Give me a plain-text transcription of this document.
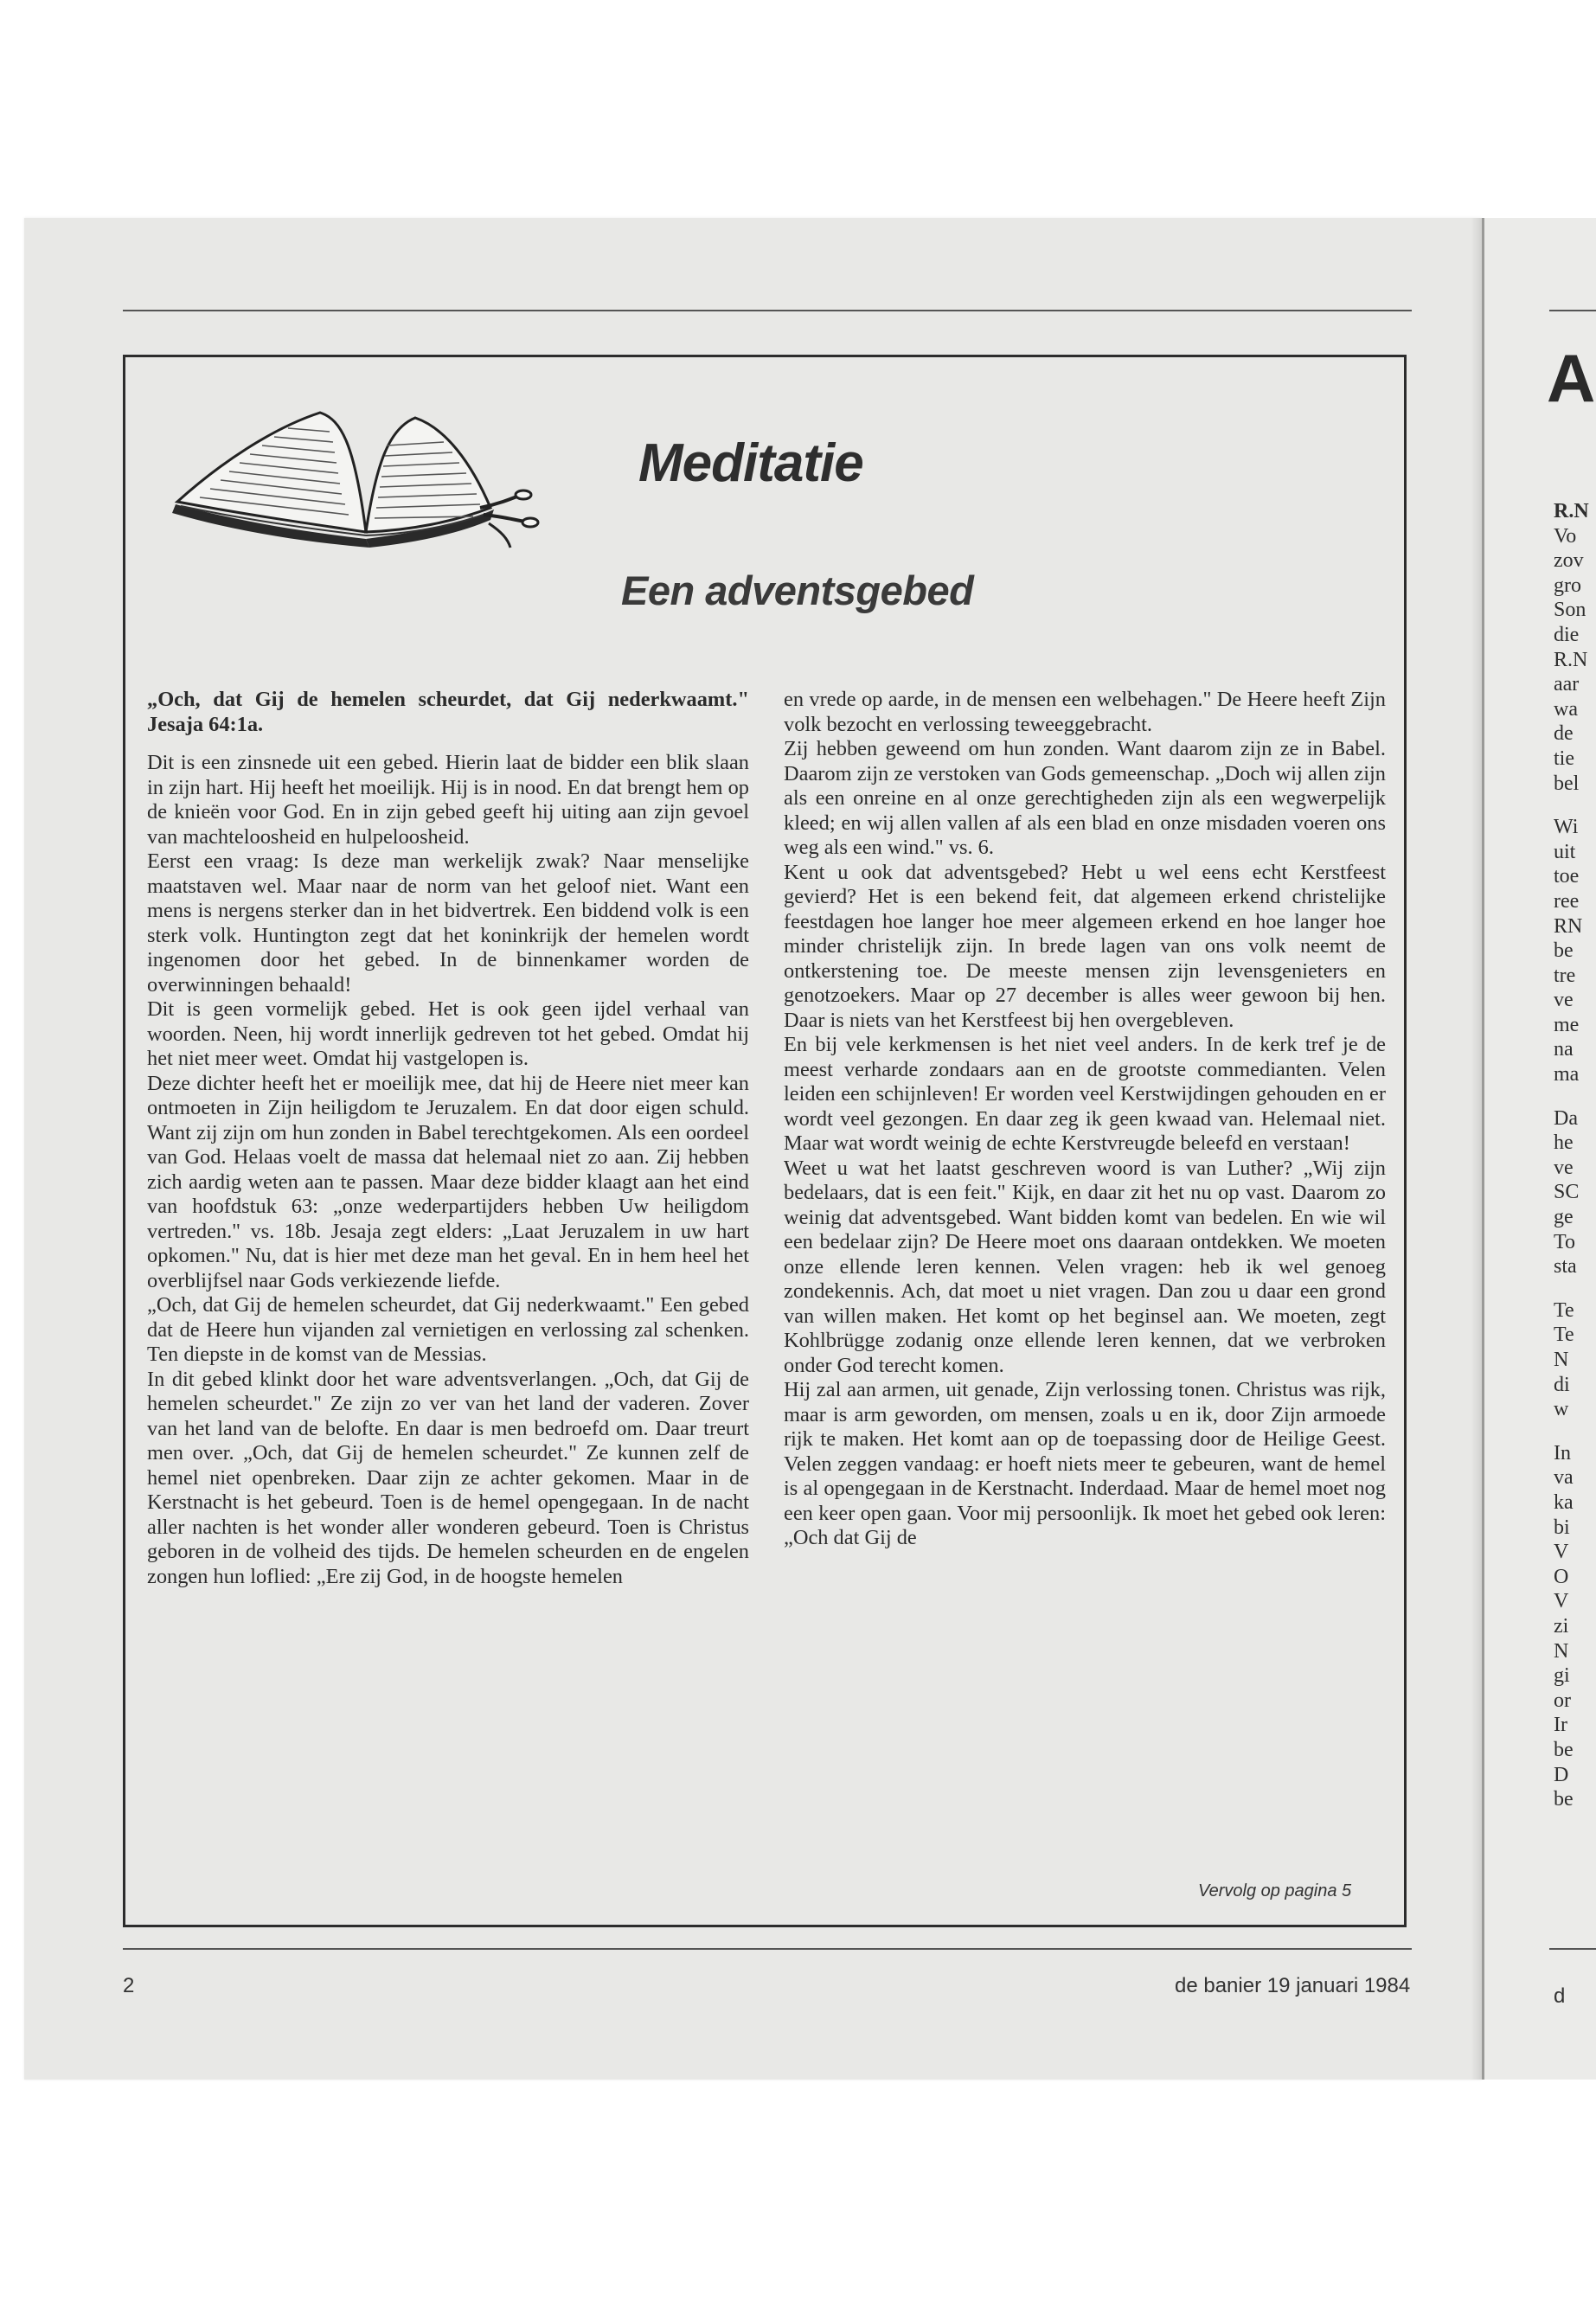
A
R.N
Vo
zov
gro
Son
die
R.N
aar
wa
de
tie
bel
Wi
uit
toe
ree
RN
be
tre
ve
me
na
ma
Da
he
ve
SC
ge
To
sta
Te
Te
N
di
w
In
va
ka
bi
V
O
V
zi
N
gi
or
Ir
be
D
be
d
Meditatie
Een adventsgebed

„Och, dat Gij de hemelen scheurdet, dat Gij nederkwaamt." Jesaja 64:1a.

Dit is een zinsnede uit een gebed. Hierin laat de bidder een blik slaan in zijn hart. Hij heeft het moeilijk. Hij is in nood. En dat brengt hem op de knieën voor God. En in zijn gebed geeft hij uiting aan zijn gevoel van machteloosheid en hulpeloosheid.

Eerst een vraag: Is deze man werkelijk zwak? Naar menselijke maatstaven wel. Maar naar de norm van het geloof niet. Want een mens is nergens sterker dan in het bidvertrek. Een biddend volk is een sterk volk. Huntington zegt dat het koninkrijk der hemelen wordt ingenomen door het gebed. In de binnenkamer worden de overwinningen behaald!

Dit is geen vormelijk gebed. Het is ook geen ijdel verhaal van woorden. Neen, hij wordt innerlijk gedreven tot het gebed. Omdat hij het niet meer weet. Omdat hij vastgelopen is.

Deze dichter heeft het er moeilijk mee, dat hij de Heere niet meer kan ontmoeten in Zijn heiligdom te Jeruzalem. En dat door eigen schuld. Want zij zijn om hun zonden in Babel terechtgekomen. Als een oordeel van God. Helaas voelt de massa dat helemaal niet zo aan. Zij hebben zich aardig weten aan te passen. Maar deze bidder klaagt aan het eind van hoofdstuk 63: „onze wederpartijders hebben Uw heiligdom vertreden." vs. 18b. Jesaja zegt elders: „Laat Jeruzalem in uw hart opkomen." Nu, dat is hier met deze man het geval. En in hem heel het overblijfsel naar Gods verkiezende liefde.

„Och, dat Gij de hemelen scheurdet, dat Gij nederkwaamt." Een gebed dat de Heere hun vijanden zal vernietigen en verlossing zal schenken. Ten diepste in de komst van de Messias.

In dit gebed klinkt door het ware adventsverlangen. „Och, dat Gij de hemelen scheurdet." Ze zijn zo ver van het land der vaderen. Zover van het land van de belofte. En daar is men bedroefd om. Daar treurt men over. „Och, dat Gij de hemelen scheurdet." Ze kunnen zelf de hemel niet openbreken. Daar zijn ze achter gekomen. Maar in de Kerstnacht is het gebeurd. Toen is de hemel opengegaan. In de nacht aller nachten is het wonder aller wonderen gebeurd. Toen is Christus geboren in de volheid des tijds. De hemelen scheurden en de engelen zongen hun loflied: „Ere zij God, in de hoogste hemelen

en vrede op aarde, in de mensen een welbehagen." De Heere heeft Zijn volk bezocht en verlossing teweeggebracht.

Zij hebben geweend om hun zonden. Want daarom zijn ze in Babel. Daarom zijn ze verstoken van Gods gemeenschap. „Doch wij allen zijn als een onreine en al onze gerechtigheden zijn als een wegwerpelijk kleed; en wij allen vallen af als een blad en onze misdaden voeren ons weg als een wind." vs. 6.

Kent u ook dat adventsgebed? Hebt u wel eens echt Kerstfeest gevierd? Het is een bekend feit, dat algemeen erkend christelijke feestdagen hoe langer hoe meer algemeen erkend en hoe langer hoe minder christelijk zijn. In brede lagen van ons volk neemt de ontkerstening toe. De meeste mensen zijn levensgenieters en genotzoekers. Maar op 27 december is alles weer gewoon bij hen. Daar is niets van het Kerstfeest bij hen overgebleven.

En bij vele kerkmensen is het niet veel anders. In de kerk tref je de meest verharde zondaars aan en de grootste commedianten. Velen leiden een schijnleven! Er worden veel Kerstwijdingen gehouden en er wordt veel gezongen. En daar zeg ik geen kwaad van. Helemaal niet. Maar wat wordt weinig de echte Kerstvreugde beleefd en verstaan!

Weet u wat het laatst geschreven woord is van Luther? „Wij zijn bedelaars, dat is een feit." Kijk, en daar zit het nu op vast. Daarom zo weinig dat adventsgebed. Want bidden komt van bedelen. En wie wil een bedelaar zijn? De Heere moet ons daaraan ontdekken. We moeten onze ellende leren kennen. Velen vragen: heb ik wel genoeg zondekennis. Ach, dat moet u niet vragen. Dan zou u daar een grond van willen maken. Het komt op het beginsel aan. We moeten, zegt Kohlbrügge zodanig onze ellende leren kennen, dat we verbroken onder God terecht komen.

Hij zal aan armen, uit genade, Zijn verlossing tonen. Christus was rijk, maar is arm geworden, om mensen, zoals u en ik, door Zijn armoede rijk te maken. Het komt aan op de toepassing door de Heilige Geest. Velen zeggen vandaag: er hoeft niets meer te gebeuren, want de hemel is al opengegaan in de Kerstnacht. Inderdaad. Maar de hemel moet nog een keer open gaan. Voor mij persoonlijk. Ik moet het gebed ook leren: „Och dat Gij de

Vervolg op pagina 5
2	de banier 19 januari 1984
